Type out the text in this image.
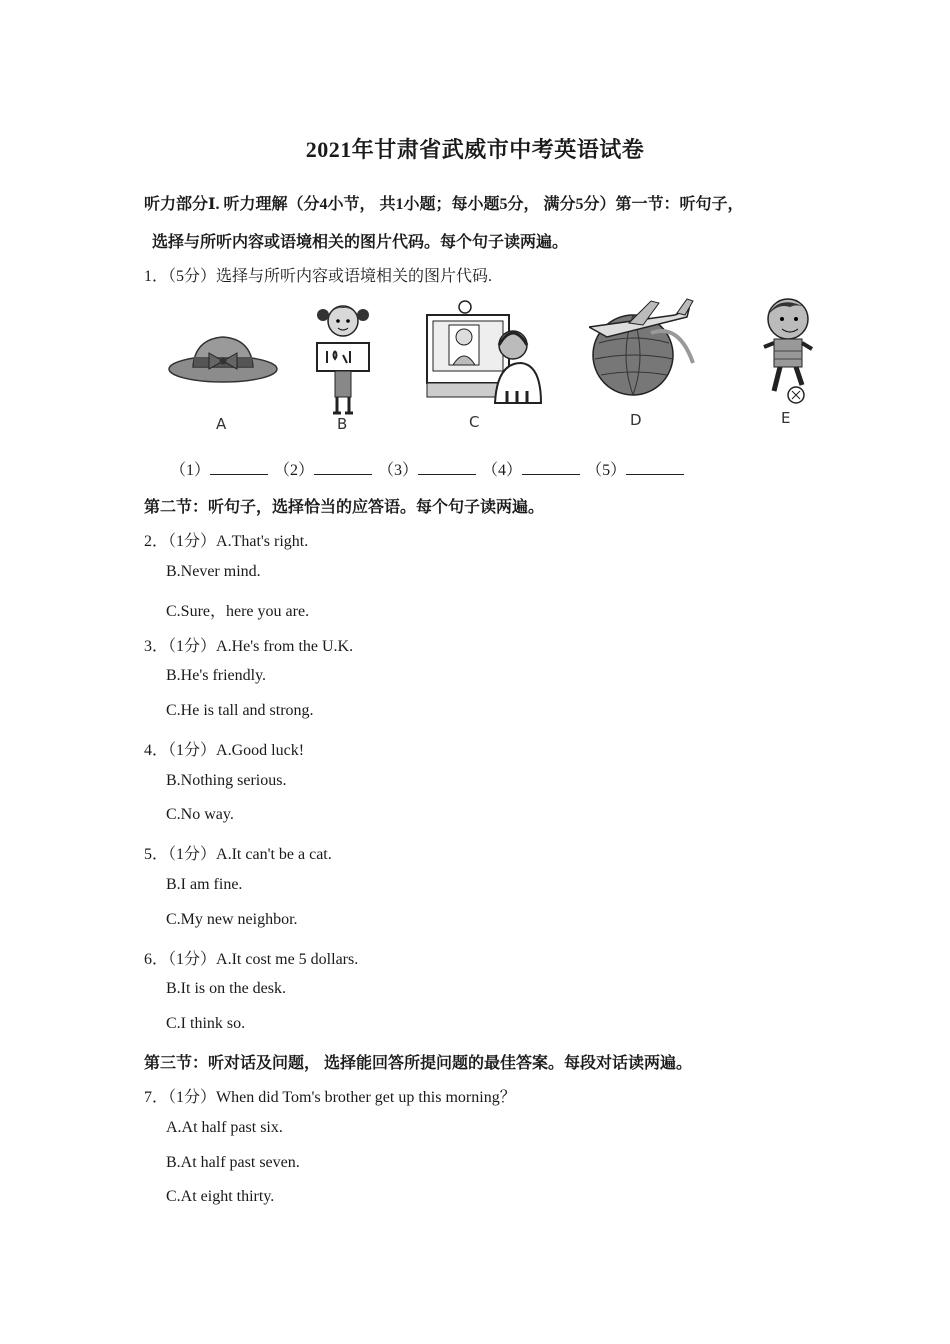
2021年甘肃省武威市中考英语试卷
听力部分Ⅰ. 听力理解（分4小节， 共1小题；每小题5分， 满分5分）第一节：听句子，
选择与所听内容或语境相关的图片代码。每个句子读两遍。
1．（5分）选择与所听内容或语境相关的图片代码.
A	B	C	D	E
（1）	（2）	（3）	（4）	（5）
第二节：听句子，选择恰当的应答语。每个句子读两遍。
2．（1分）A.That's right.
B.Never mind.
C.Sure，here you are.
3．（1分）A.He's from the U.K.
B.He's friendly.
C.He is tall and strong.
4．（1分）A.Good luck!
B.Nothing serious.
C.No way.
5．（1分）A.It can't be a cat.
B.I am fine.
C.My new neighbor.
6．（1分）A.It cost me 5 dollars.
B.It is on the desk.
C.I think so.
第三节：听对话及问题， 选择能回答所提问题的最佳答案。每段对话读两遍。
7．（1分）When did Tom's brother get up this morning？
A.At half past six.
B.At half past seven.
C.At eight thirty.
